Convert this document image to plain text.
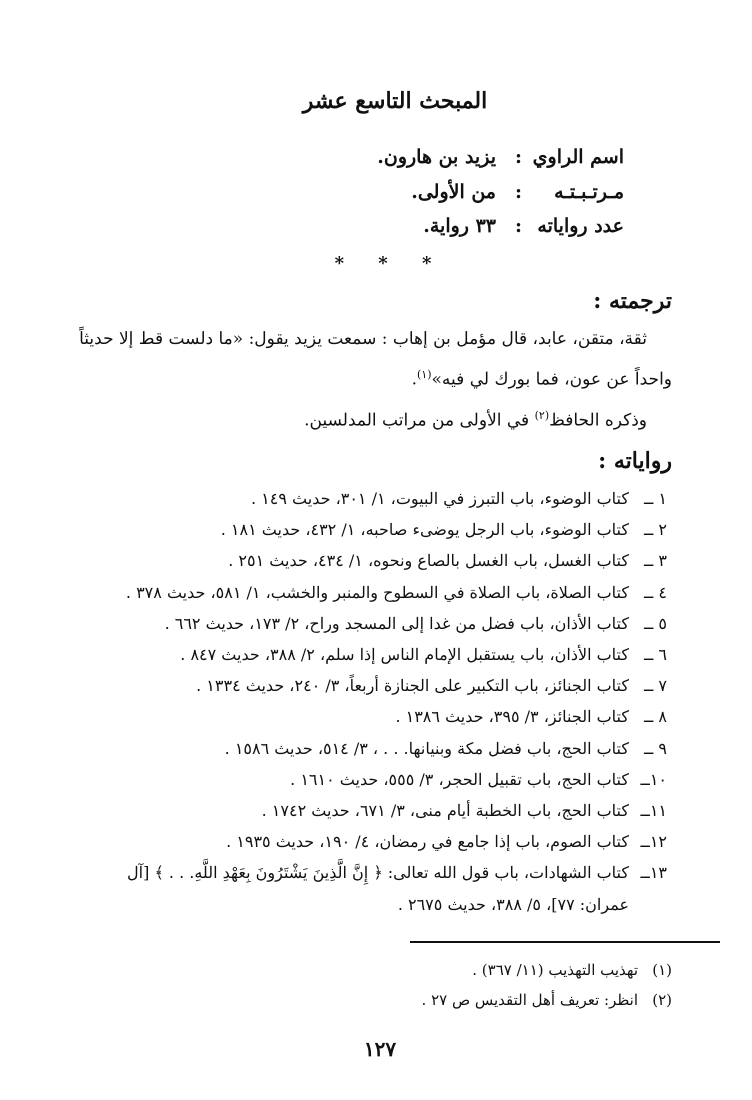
المبحث التاسع عشر
اسم الراوي
:
يزيد بن هارون.
مـرتـبـتـه
:
من الأولى.
عدد رواياته
:
٣٣ رواية.
* * *
ترجمته :

ثقة، متقن، عابد، قال مؤمل بن إهاب : سمعت يزيد يقول: «ما دلست قط إلا حديثاً

واحداً عن عون، فما بورك لي فيه»$^{(١)}$.

وذكره الحافظ$^{(٢)}$ في الأولى من مراتب المدلسين.

رواياته :
١ ــ
كتاب الوضوء، باب التبرز في البيوت، ١/ ٣٠١، حديث ١٤٩ .
٢ ــ
كتاب الوضوء، باب الرجل يوضىء صاحبه، ١/ ٤٣٢، حديث ١٨١ .
٣ ــ
كتاب الغسل، باب الغسل بالصاع ونحوه، ١/ ٤٣٤، حديث ٢٥١ .
٤ ــ
كتاب الصلاة، باب الصلاة في السطوح والمنبر والخشب، ١/ ٥٨١، حديث ٣٧٨ .
٥ ــ
كتاب الأذان، باب فضل من غدا إلى المسجد وراح، ٢/ ١٧٣، حديث ٦٦٢ .
٦ ــ
كتاب الأذان، باب يستقبل الإمام الناس إذا سلم، ٢/ ٣٨٨، حديث ٨٤٧ .
٧ ــ
كتاب الجنائز، باب التكبير على الجنازة أربعاً، ٣/ ٢٤٠، حديث ١٣٣٤ .
٨ ــ
كتاب الجنائز، ٣/ ٣٩٥، حديث ١٣٨٦ .
٩ ــ
كتاب الحج، باب فضل مكة وبنيانها. . . ، ٣/ ٥١٤، حديث ١٥٨٦ .
١٠ــ
كتاب الحج، باب تقبيل الحجر، ٣/ ٥٥٥، حديث ١٦١٠ .
١١ــ
كتاب الحج، باب الخطبة أيام منى، ٣/ ٦٧١، حديث ١٧٤٢ .
١٢ــ
كتاب الصوم، باب إذا جامع في رمضان، ٤/ ١٩٠، حديث ١٩٣٥ .
١٣ــ
كتاب الشهادات، باب قول الله تعالى: ﴿ إِنَّ الَّذِينَ يَشْتَرُونَ بِعَهْدِ اللَّهِ. . . ﴾ [آل عمران: ٧٧]، ٥/ ٣٨٨، حديث ٢٦٧٥ .
(١)
تهذيب التهذيب (١١/ ٣٦٧) .
(٢)
انظر: تعريف أهل التقديس ص ٢٧ .
١٢٧
